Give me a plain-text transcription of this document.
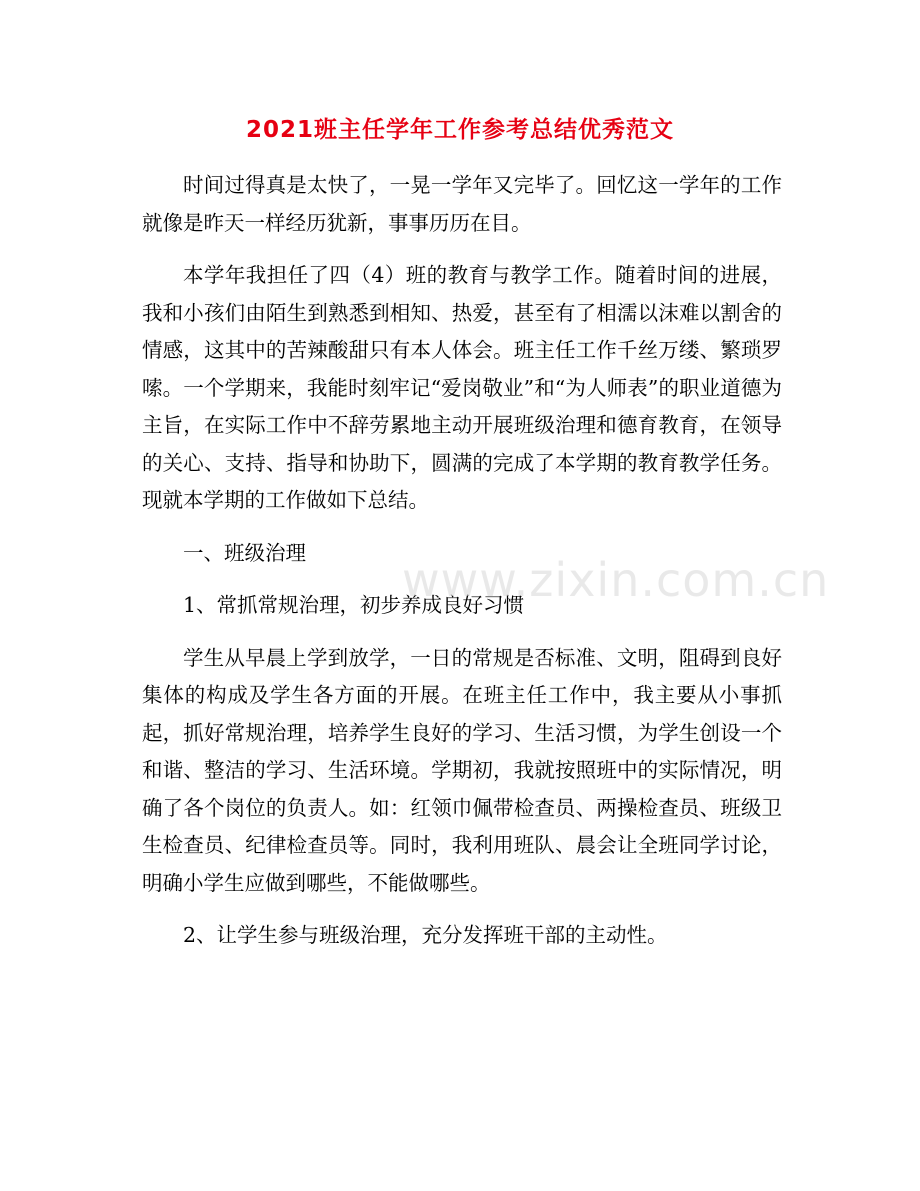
2021班主任学年工作参考总结优秀范文

时间过得真是太快了，一晃一学年又完毕了。回忆这一学年的工作就像是昨天一样经历犹新，事事历历在目。

本学年我担任了四（4）班的教育与教学工作。随着时间的进展，我和小孩们由陌生到熟悉到相知、热爱，甚至有了相濡以沫难以割舍的情感，这其中的苦辣酸甜只有本人体会。班主任工作千丝万缕、繁琐罗嗦。一个学期来，我能时刻牢记“爱岗敬业”和“为人师表”的职业道德为主旨，在实际工作中不辞劳累地主动开展班级治理和德育教育，在领导的关心、支持、指导和协助下，圆满的完成了本学期的教育教学任务。现就本学期的工作做如下总结。

一、班级治理

1、常抓常规治理，初步养成良好习惯

学生从早晨上学到放学，一日的常规是否标准、文明，阻碍到良好集体的构成及学生各方面的开展。在班主任工作中，我主要从小事抓起，抓好常规治理，培养学生良好的学习、生活习惯，为学生创设一个和谐、整洁的学习、生活环境。学期初，我就按照班中的实际情况，明确了各个岗位的负责人。如：红领巾佩带检查员、两操检查员、班级卫生检查员、纪律检查员等。同时，我利用班队、晨会让全班同学讨论，明确小学生应做到哪些，不能做哪些。

2、让学生参与班级治理，充分发挥班干部的主动性。

www.zixin.com.cn
